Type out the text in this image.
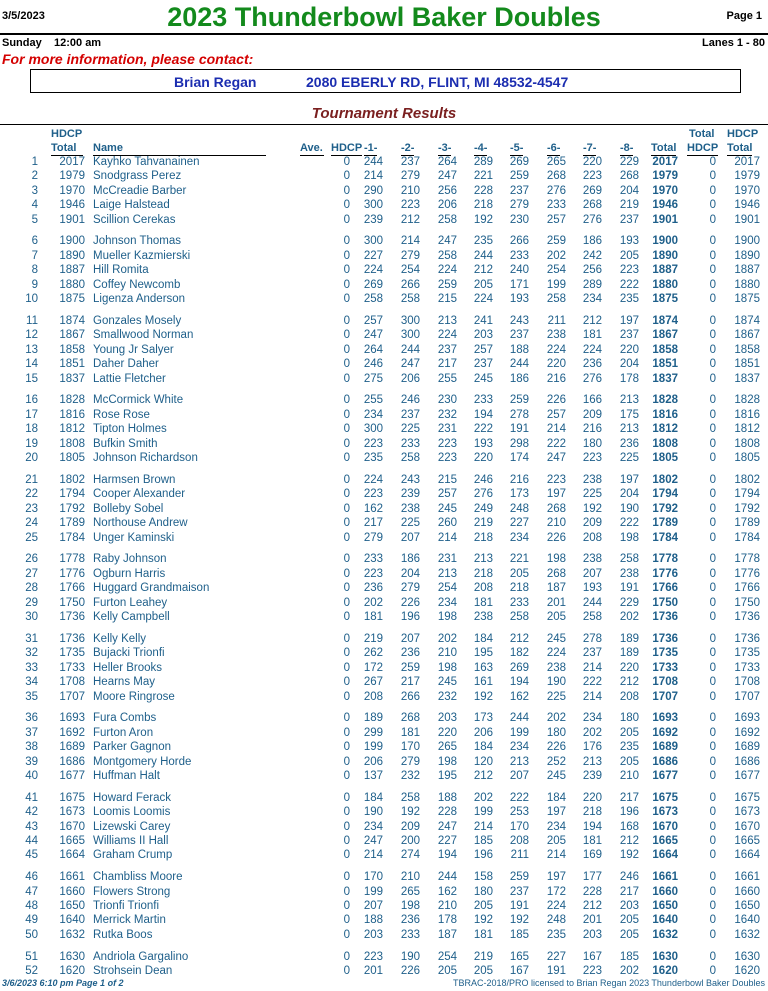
3/5/2023	2023 Thunderbowl Baker Doubles	Page 1
Sunday 12:00 am	Lanes 1 - 80
For more information, please contact:
Brian Regan	2080 EBERLY RD, FLINT, MI 48532-4547
Tournament Results
HDCP
Total	Name	Ave. HDCP -1- -2- -3- -4- -5- -6- -7- -8- Total
Total
HDCP
HDCP
Total
1 2017 Kayhko Tahvanainen	0 244 237 264 289 269 265 220 229 2017	0 2017
2 1979 Snodgrass Perez	0 214 279 247 221 259 268 223 268 1979	0 1979
3 1970 McCreadie Barber	0 290 210 256 228 237 276 269 204 1970	0 1970
4 1946 Laige Halstead	0 300 223 206 218 279 233 268 219 1946	0 1946
5 1901 Scillion Cerekas	0 239 212 258 192 230 257 276 237 1901	0 1901
6 1900 Johnson Thomas	0 300 214 247 235 266 259 186 193 1900	0 1900
7 1890 Mueller Kazmierski	0 227 279 258 244 233 202 242 205 1890	0 1890
8 1887 Hill Romita	0 224 254 224 212 240 254 256 223 1887	0 1887
9 1880 Coffey Newcomb	0 269 266 259 205 171 199 289 222 1880	0 1880
10 1875 Ligenza Anderson	0 258 258 215 224 193 258 234 235 1875	0 1875
11 1874 Gonzales Mosely	0 257 300 213 241 243 211 212 197 1874	0 1874
12 1867 Smallwood Norman	0 247 300 224 203 237 238 181 237 1867	0 1867
13 1858 Young Jr Salyer	0 264 244 237 257 188 224 224 220 1858	0 1858
14 1851 Daher Daher	0 246 247 217 237 244 220 236 204 1851	0 1851
15 1837 Lattie Fletcher	0 275 206 255 245 186 216 276 178 1837	0 1837
16 1828 McCormick White	0 255 246 230 233 259 226 166 213 1828	0 1828
17 1816 Rose Rose	0 234 237 232 194 278 257 209 175 1816	0 1816
18 1812 Tipton Holmes	0 300 225 231 222 191 214 216 213 1812	0 1812
19 1808 Bufkin Smith	0 223 233 223 193 298 222 180 236 1808	0 1808
20 1805 Johnson Richardson	0 235 258 223 220 174 247 223 225 1805	0 1805
21 1802 Harmsen Brown	0 224 243 215 246 216 223 238 197 1802	0 1802
22 1794 Cooper Alexander	0 223 239 257 276 173 197 225 204 1794	0 1794
23 1792 Bolleby Sobel	0 162 238 245 249 248 268 192 190 1792	0 1792
24 1789 Northouse Andrew	0 217 225 260 219 227 210 209 222 1789	0 1789
25 1784 Unger Kaminski	0 279 207 214 218 234 226 208 198 1784	0 1784
26 1778 Raby Johnson	0 233 186 231 213 221 198 238 258 1778	0 1778
27 1776 Ogburn Harris	0 223 204 213 218 205 268 207 238 1776	0 1776
28 1766 Huggard Grandmaison	0 236 279 254 208 218 187 193 191 1766	0 1766
29 1750 Furton Leahey	0 202 226 234 181 233 201 244 229 1750	0 1750
30 1736 Kelly Campbell	0 181 196 198 238 258 205 258 202 1736	0 1736
31 1736 Kelly Kelly	0 219 207 202 184 212 245 278 189 1736	0 1736
32 1735 Bujacki Trionfi	0 262 236 210 195 182 224 237 189 1735	0 1735
33 1733 Heller Brooks	0 172 259 198 163 269 238 214 220 1733	0 1733
34 1708 Hearns May	0 267 217 245 161 194 190 222 212 1708	0 1708
35 1707 Moore Ringrose	0 208 266 232 192 162 225 214 208 1707	0 1707
36 1693 Fura Combs	0 189 268 203 173 244 202 234 180 1693	0 1693
37 1692 Furton Aron	0 299 181 220 206 199 180 202 205 1692	0 1692
38 1689 Parker Gagnon	0 199 170 265 184 234 226 176 235 1689	0 1689
39 1686 Montgomery Horde	0 206 279 198 120 213 252 213 205 1686	0 1686
40 1677 Huffman Halt	0 137 232 195 212 207 245 239 210 1677	0 1677
41 1675 Howard Ferack	0 184 258 188 202 222 184 220 217 1675	0 1675
42 1673 Loomis Loomis	0 190 192 228 199 253 197 218 196 1673	0 1673
43 1670 Lizewski Carey	0 234 209 247 214 170 234 194 168 1670	0 1670
44 1665 Williams II Hall	0 247 200 227 185 208 205 181 212 1665	0 1665
45 1664 Graham Crump	0 214 274 194 196 211 214 169 192 1664	0 1664
46 1661 Chambliss Moore	0 170 210 244 158 259 197 177 246 1661	0 1661
47 1660 Flowers Strong	0 199 265 162 180 237 172 228 217 1660	0 1660
48 1650 Trionfi Trionfi	0 207 198 210 205 191 224 212 203 1650	0 1650
49 1640 Merrick Martin	0 188 236 178 192 192 248 201 205 1640	0 1640
50 1632 Rutka Boos	0 203 233 187 181 185 235 203 205 1632	0 1632
51 1630 Andriola Gargalino	0 223 190 254 219 165 227 167 185 1630	0 1630
52 1620 Strohsein Dean	0 201 226 205 205 167 191 223 202 1620	0 1620
3/6/2023 6:10 pm Page 1 of 2	TBRAC-2018/PRO licensed to Brian Regan 2023 Thunderbowl Baker Doubles
